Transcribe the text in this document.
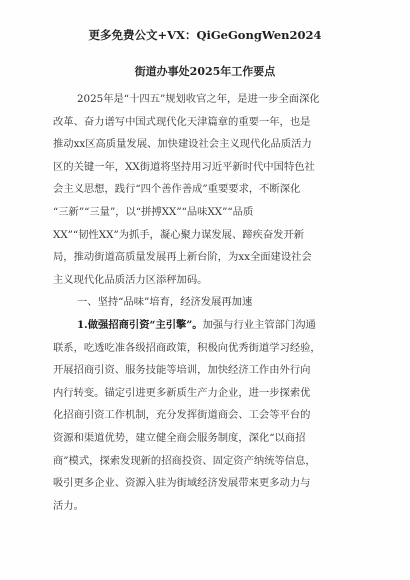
更多免费公文+VX：QiGeGongWen2024
街道办事处2025年工作要点
2025年是“十四五”规划收官之年，是进一步全面深化
改革、奋力谱写中国式现代化天津篇章的重要一年，也是
推动xx区高质量发展、加快建设社会主义现代化品质活力
区的关键一年，XX街道将坚持用习近平新时代中国特色社
会主义思想，践行“四个善作善成”重要要求，不断深化
“三新”“三量”，以“拼搏XX”“品味XX”“品质
XX”“韧性XX”为抓手，凝心聚力谋发展、蹄疾奋发开新
局，推动街道高质量发展再上新台阶，为xx全面建设社会
主义现代化品质活力区添秤加码。
一、坚持“品味”培育，经济发展再加速
1.做强招商引资“主引擎”。加强与行业主管部门沟通
联系，吃透吃准各级招商政策，积极向优秀街道学习经验，
开展招商引资、服务技能等培训，加快经济工作由外行向
内行转变。锚定引进更多新质生产力企业，进一步探索优
化招商引资工作机制，充分发挥街道商会、工会等平台的
资源和渠道优势，建立健全商会服务制度，深化“以商招
商”模式，探索发现新的招商投资、固定资产纳统等信息，
吸引更多企业、资源入驻为街域经济发展带来更多动力与
活力。
